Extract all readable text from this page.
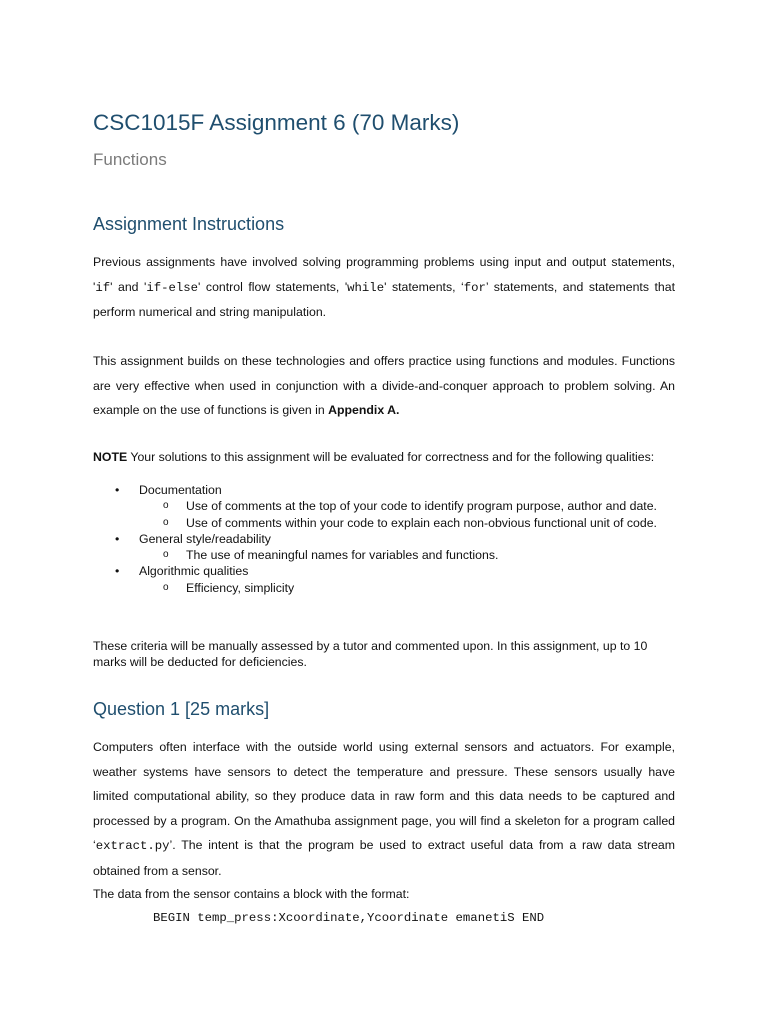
CSC1015F Assignment 6 (70 Marks)
Functions
Assignment Instructions

Previous assignments have involved solving programming problems using input and output statements, 'if' and 'if-else' control flow statements, 'while' statements, ‘for’ statements, and statements that perform numerical and string manipulation.

This assignment builds on these technologies and offers practice using functions and modules. Functions are very effective when used in conjunction with a divide-and-conquer approach to problem solving. An example on the use of functions is given in Appendix A.

NOTE Your solutions to this assignment will be evaluated for correctness and for the following qualities:

• Documentation
o Use of comments at the top of your code to identify program purpose, author and date.
o Use of comments within your code to explain each non-obvious functional unit of code.
• General style/readability
o The use of meaningful names for variables and functions.
• Algorithmic qualities
o Efficiency, simplicity

These criteria will be manually assessed by a tutor and commented upon. In this assignment, up to 10 marks will be deducted for deficiencies.

Question 1 [25 marks]

Computers often interface with the outside world using external sensors and actuators. For example, weather systems have sensors to detect the temperature and pressure. These sensors usually have limited computational ability, so they produce data in raw form and this data needs to be captured and processed by a program. On the Amathuba assignment page, you will find a skeleton for a program called ‘extract.py’. The intent is that the program be used to extract useful data from a raw data stream obtained from a sensor.

The data from the sensor contains a block with the format:

BEGIN temp_press:Xcoordinate,Ycoordinate emanetiS END
